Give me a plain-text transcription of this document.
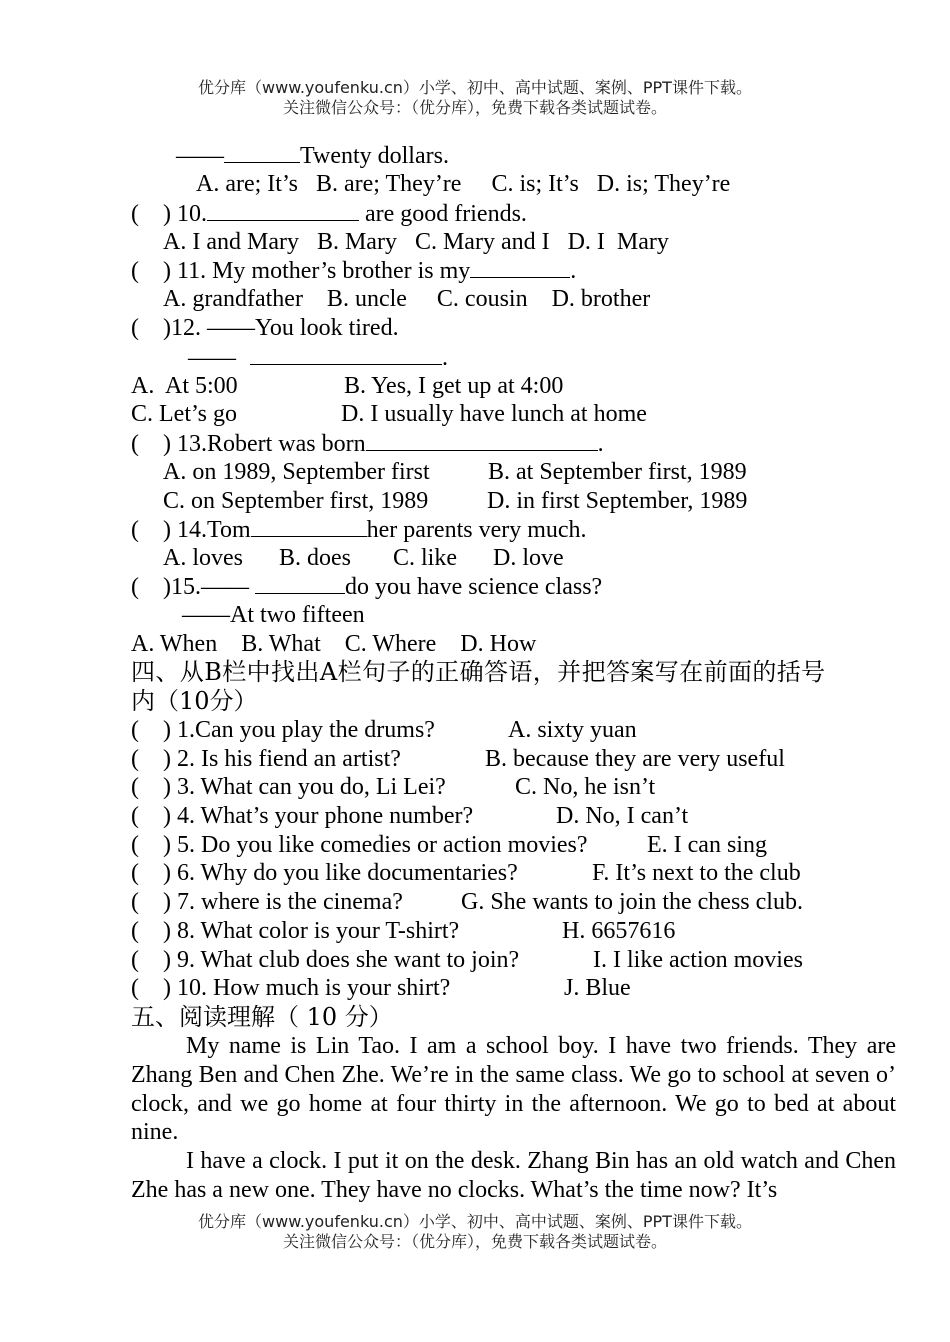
优分库（www.youfenku.cn）小学、初中、高中试题、案例、PPT课件下载。
关注微信公众号：（优分库），免费下载各类试题试卷。
——	Twenty dollars.
A. are; It’s   B. are; They’re     C. is; It’s   D. is; They’re
(    ) 10.	are good friends.
A. I and Mary   B. Mary   C. Mary and I   D. I  Mary
(    ) 11. My mother’s brother is my	.
A. grandfather    B. uncle     C. cousin    D. brother
(    )12. ——You look tired.
——	.
A.  At 5:00	B. Yes, I get up at 4:00
C. Let’s go	D. I usually have lunch at home
(    ) 13.Robert was born	.
A. on 1989, September first B. at September first, 1989
C. on September first, 1989 D. in first September, 1989
(    ) 14.Tom	her parents very much.
A. loves      B. does       C. like      D. love
(    )15.——	do you have science class?
——At two fifteen
A. When    B. What    C. Where    D. How
四、从B栏中找出A栏句子的正确答语，并把答案写在前面的括号
内（10分）
(    ) 1.Can you play the drums?	A. sixty yuan
(    ) 2. Is his fiend an artist?	B. because they are very useful
(    ) 3. What can you do, Li Lei?	C. No, he isn’t
(    ) 4. What’s your phone number?	D. No, I can’t
(    ) 5. Do you like comedies or action movies? E. I can sing
(    ) 6. Why do you like documentaries?	F. It’s next to the club
(    ) 7. where is the cinema? G. She wants to join the chess club.
(    ) 8. What color is your T-shirt?	H. 6657616
(    ) 9. What club does she want to join?	I. I like action movies
(    ) 10. How much is your shirt?	J. Blue
五、阅读理解（ 10 分）

My name is Lin Tao. I am a school boy. I have two friends. They are Zhang Ben and Chen Zhe. We’re in the same class. We go to school at seven o’ clock, and we go home at four thirty in the afternoon. We go to bed at about nine.

I have a clock. I put it on the desk. Zhang Bin has an old watch and Chen Zhe has a new one. They have no clocks. What’s the time now? It’s

优分库（www.youfenku.cn）小学、初中、高中试题、案例、PPT课件下载。
关注微信公众号：（优分库），免费下载各类试题试卷。
